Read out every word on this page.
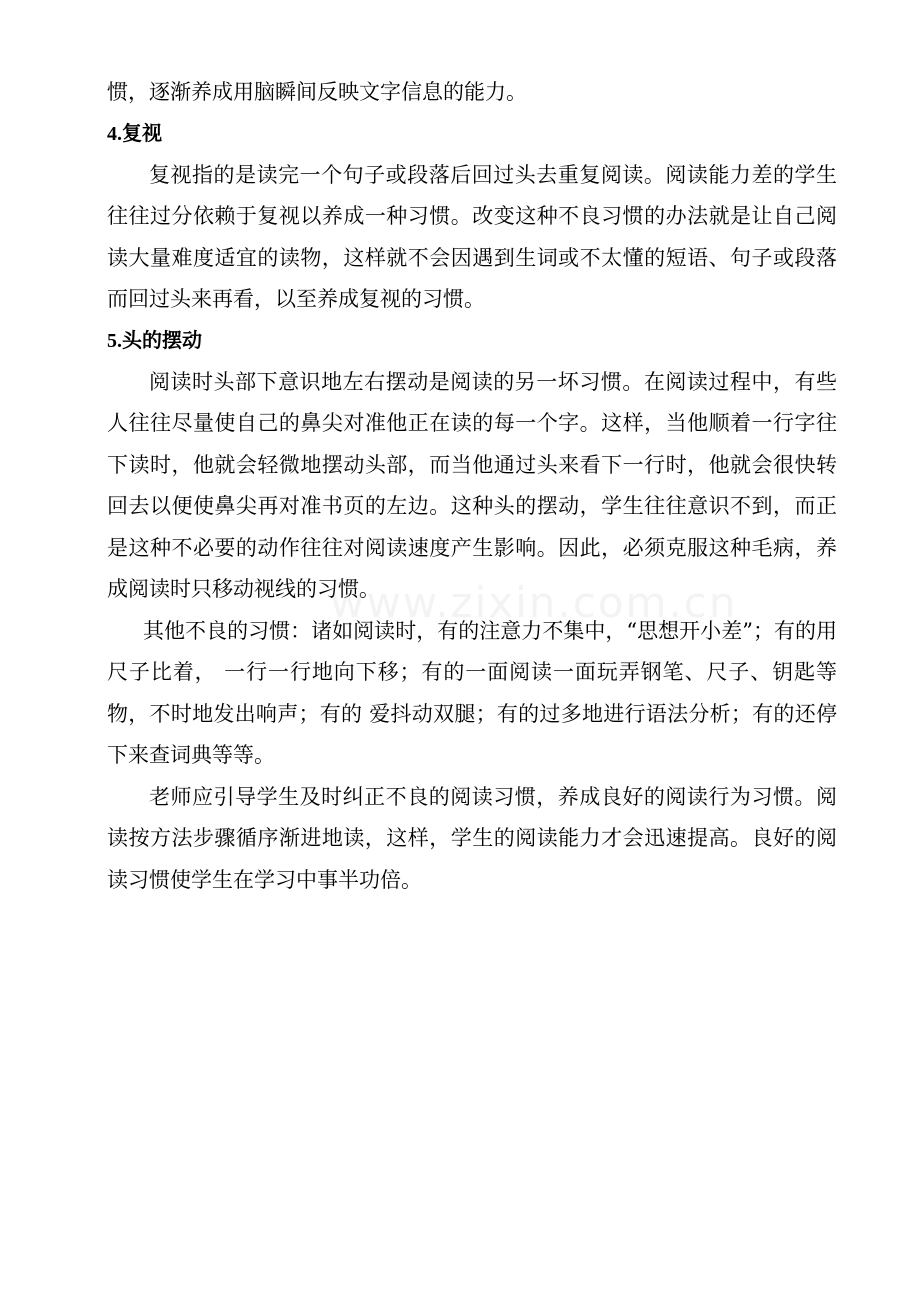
惯，逐渐养成用脑瞬间反映文字信息的能力。

4.复视

复视指的是读完一个句子或段落后回过头去重复阅读。阅读能力差的学生往往过分依赖于复视以养成一种习惯。改变这种不良习惯的办法就是让自己阅读大量难度适宜的读物，这样就不会因遇到生词或不太懂的短语、句子或段落而回过头来再看，以至养成复视的习惯。

5.头的摆动

阅读时头部下意识地左右摆动是阅读的另一坏习惯。在阅读过程中，有些人往往尽量使自己的鼻尖对准他正在读的每一个字。这样，当他顺着一行字往下读时，他就会轻微地摆动头部，而当他通过头来看下一行时，他就会很快转回去以便使鼻尖再对准书页的左边。这种头的摆动，学生往往意识不到，而正是这种不必要的动作往往对阅读速度产生影响。因此，必须克服这种毛病，养成阅读时只移动视线的习惯。

其他不良的习惯：诸如阅读时，有的注意力不集中，“思想开小差”；有的用尺子比着， 一行一行地向下移；有的一面阅读一面玩弄钢笔、尺子、钥匙等物，不时地发出响声；有的 爱抖动双腿；有的过多地进行语法分析；有的还停下来查词典等等。

老师应引导学生及时纠正不良的阅读习惯，养成良好的阅读行为习惯。阅读按方法步骤循序渐进地读，这样，学生的阅读能力才会迅速提高。良好的阅读习惯使学生在学习中事半功倍。

www.zixin.com.cn
